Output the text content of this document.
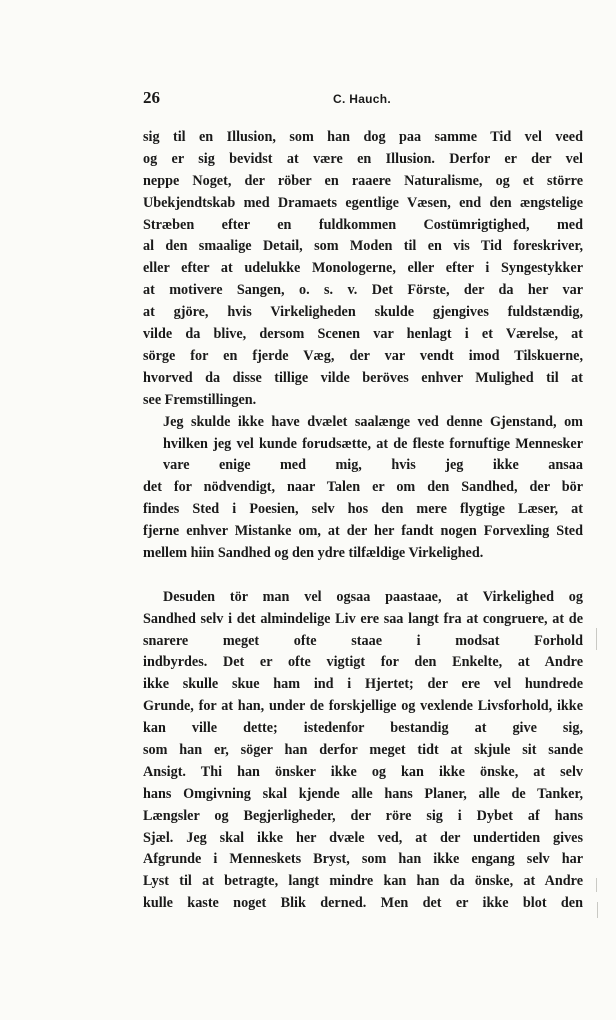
26	C. Hauch.
sig til en Illusion, som han dog paa samme Tid vel veed
og er sig bevidst at være en Illusion. Derfor er der vel
neppe Noget, der röber en raaere Naturalisme, og et större
Ubekjendtskab med Dramaets egentlige Væsen, end den ængstelige Stræben efter en fuldkommen Costümrigtighed, med
al den smaalige Detail, som Moden til en vis Tid foreskriver,
eller efter at udelukke Monologerne, eller efter i Syngestykker
at motivere Sangen, o. s. v. Det Förste, der da her var
at gjöre, hvis Virkeligheden skulde gjengives fuldstændig,
vilde da blive, dersom Scenen var henlagt i et Værelse, at
sörge for en fjerde Væg, der var vendt imod Tilskuerne,
hvorved da disse tillige vilde beröves enhver Mulighed til at
see Fremstillingen.
Jeg skulde ikke have dvælet saalænge ved denne Gjenstand, om hvilken jeg vel kunde forudsætte, at de fleste fornuftige Mennesker vare enige med mig, hvis jeg ikke ansaa
det for nödvendigt, naar Talen er om den Sandhed, der bör
findes Sted i Poesien, selv hos den mere flygtige Læser, at
fjerne enhver Mistanke om, at der her fandt nogen Forvexling Sted mellem hiin Sandhed og den ydre tilfældige Virkelighed.
Desuden tör man vel ogsaa paastaae, at Virkelighed og
Sandhed selv i det almindelige Liv ere saa langt fra at congruere, at de snarere meget ofte staae i modsat Forhold
indbyrdes. Det er ofte vigtigt for den Enkelte, at Andre
ikke skulle skue ham ind i Hjertet; der ere vel hundrede
Grunde, for at han, under de forskjellige og vexlende Livsforhold, ikke kan ville dette; istedenfor bestandig at give sig,
som han er, söger han derfor meget tidt at skjule sit sande
Ansigt. Thi han önsker ikke og kan ikke önske, at selv
hans Omgivning skal kjende alle hans Planer, alle de Tanker,
Længsler og Begjerligheder, der röre sig i Dybet af hans
Sjæl. Jeg skal ikke her dvæle ved, at der undertiden gives
Afgrunde i Menneskets Bryst, som han ikke engang selv har
Lyst til at betragte, langt mindre kan han da önske, at Andre
kulle kaste noget Blik derned. Men det er ikke blot den
